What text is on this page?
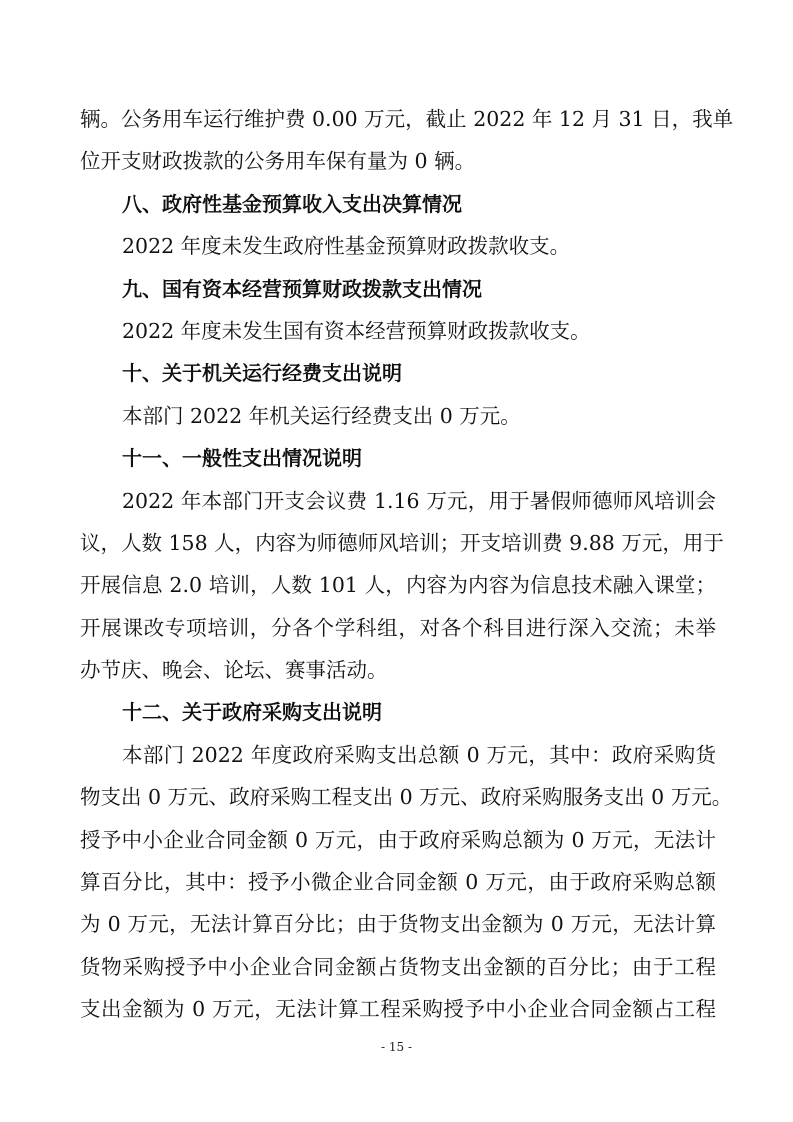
辆。公务用车运行维护费 0.00 万元，截止 2022 年 12 月 31 日，我单
位开支财政拨款的公务用车保有量为 0 辆。
八、政府性基金预算收入支出决算情况
2022 年度未发生政府性基金预算财政拨款收支。
九、国有资本经营预算财政拨款支出情况
2022 年度未发生国有资本经营预算财政拨款收支。
十、关于机关运行经费支出说明
本部门 2022 年机关运行经费支出 0 万元。
十一、一般性支出情况说明
2022 年本部门开支会议费 1.16 万元，用于暑假师德师风培训会
议，人数 158 人，内容为师德师风培训；开支培训费 9.88 万元，用于
开展信息 2.0 培训，人数 101 人，内容为内容为信息技术融入课堂；
开展课改专项培训，分各个学科组，对各个科目进行深入交流；未举
办节庆、晚会、论坛、赛事活动。
十二、关于政府采购支出说明
本部门 2022 年度政府采购支出总额 0 万元，其中：政府采购货
物支出 0 万元、政府采购工程支出 0 万元、政府采购服务支出 0 万元。
授予中小企业合同金额 0 万元，由于政府采购总额为 0 万元，无法计
算百分比，其中：授予小微企业合同金额 0 万元，由于政府采购总额
为 0 万元，无法计算百分比；由于货物支出金额为 0 万元，无法计算
货物采购授予中小企业合同金额占货物支出金额的百分比；由于工程
支出金额为 0 万元，无法计算工程采购授予中小企业合同金额占工程
- 15 -
